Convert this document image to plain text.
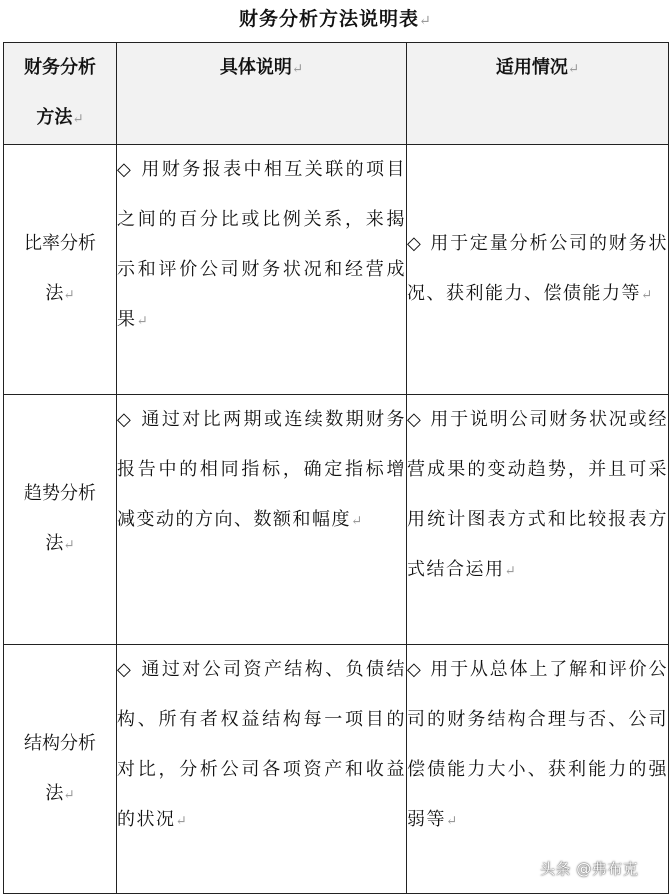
财务分析方法说明表↵
财务分析
方法↵	具体说明↵	适用情况↵

比率分析
法↵	◇ 用财务报表中相互关联的项目之间的百分比或比例关系，来揭示和评价公司财务状况和经营成果↵	◇ 用于定量分析公司的财务状况、获利能力、偿债能力等↵

趋势分析
法↵	◇ 通过对比两期或连续数期财务报告中的相同指标，确定指标增减变动的方向、数额和幅度↵	◇ 用于说明公司财务状况或经营成果的变动趋势，并且可采用统计图表方式和比较报表方式结合运用↵

结构分析
法↵	◇ 通过对公司资产结构、负债结构、所有者权益结构每一项目的对比，分析公司各项资产和收益的状况↵	◇ 用于从总体上了解和评价公司的财务结构合理与否、公司偿债能力大小、获利能力的强弱等↵
头条 @弗布克
